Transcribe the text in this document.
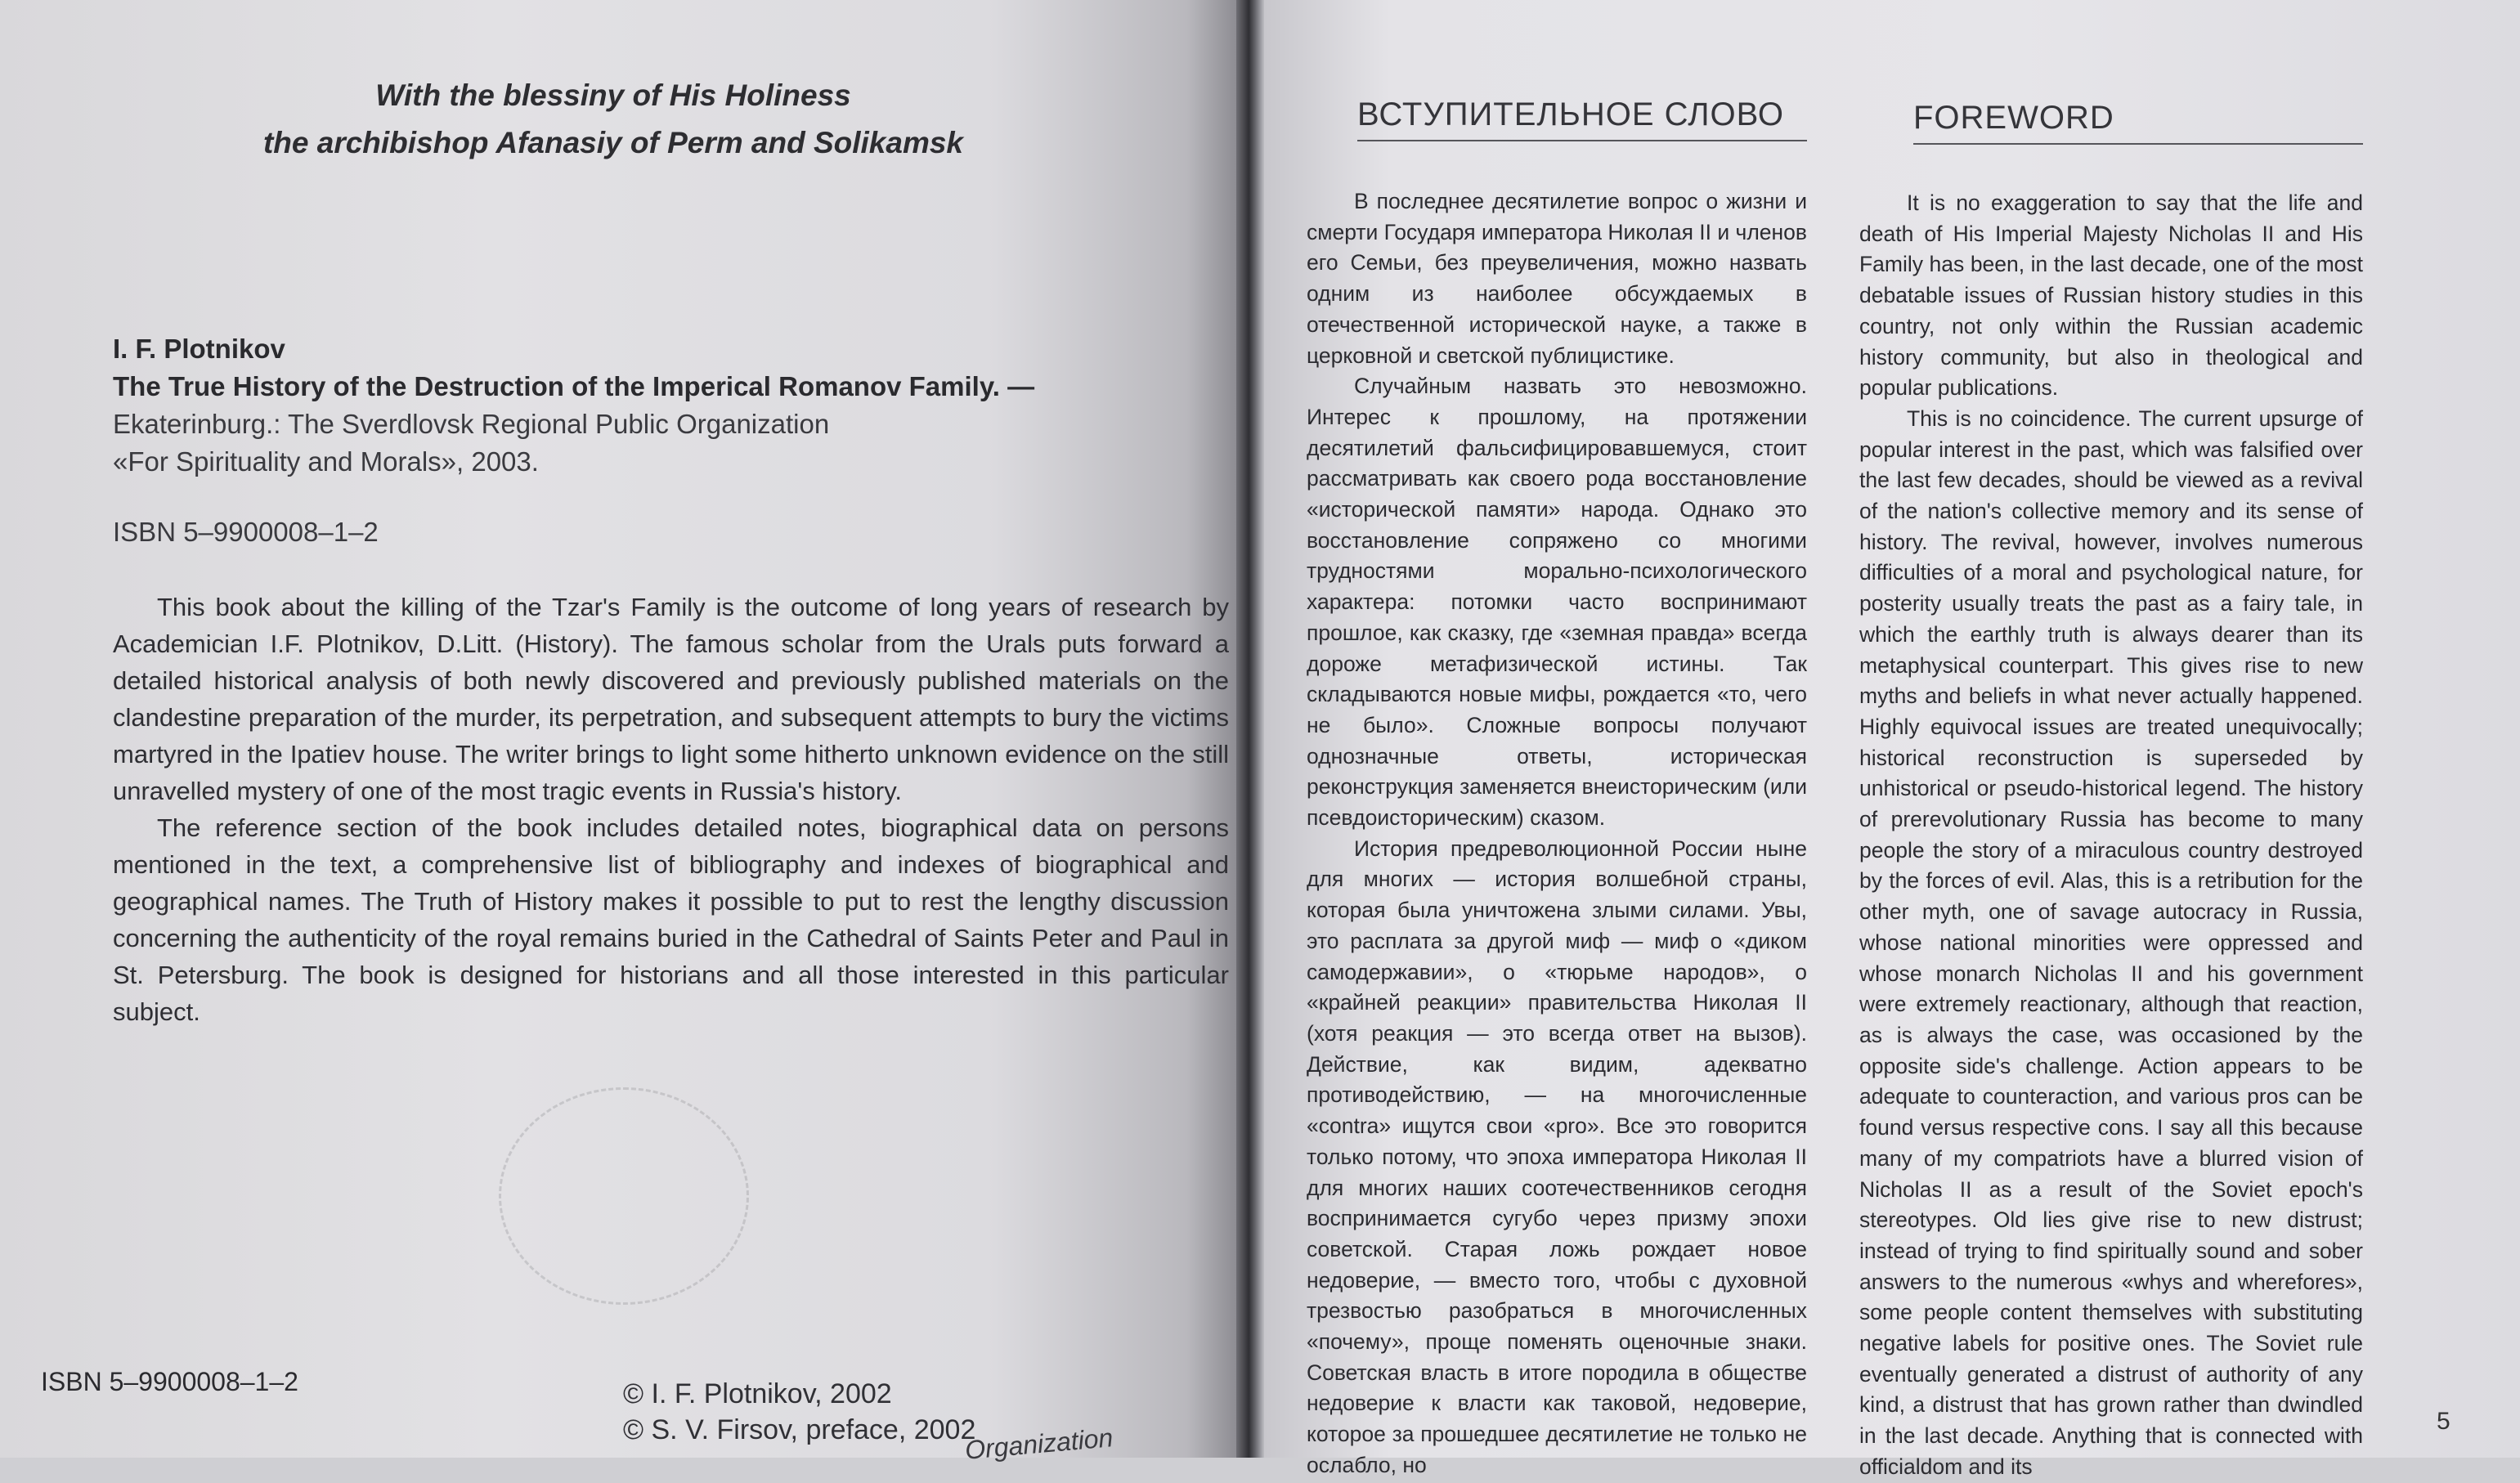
With the blessiny of His Holiness
the archibishop Afanasiy of Perm and Solikamsk
I. F. Plotnikov
The True History of the Destruction of the Imperical Romanov Family. —
Ekaterinburg.: The Sverdlovsk Regional Public Organization
«For Spirituality and Morals», 2003.
ISBN 5–9900008–1–2

This book about the killing of the Tzar's Family is the outcome of long years of research by Academician I.F. Plotnikov, D.Litt. (History). The famous scholar from the Urals puts forward a detailed historical analysis of both newly discovered and previously published materials on the clandestine preparation of the murder, its perpetration, and subsequent attempts to bury the victims martyred in the Ipatiev house. The writer brings to light some hitherto unknown evidence on the still unravelled mystery of one of the most tragic events in Russia's history.

The reference section of the book includes detailed notes, biographical data on persons mentioned in the text, a comprehensive list of bibliography and indexes of biographical and geographical names. The Truth of History makes it possible to put to rest the lengthy discussion concerning the authenticity of the royal remains buried in the Cathedral of Saints Peter and Paul in St. Petersburg. The book is designed for historians and all those interested in this particular subject.

ISBN 5–9900008–1–2	© I. F. Plotnikov, 2002
© S. V. Firsov, preface, 2002
Organization
ВСТУПИТЕЛЬНОЕ СЛОВО

В последнее десятилетие вопрос о жизни и смерти Государя императора Николая II и членов его Семьи, без преувеличения, можно назвать одним из наиболее обсуждаемых в отечественной исторической науке, а также в церковной и светской публицистике.

Случайным назвать это невозможно. Интерес к прошлому, на протяжении десятилетий фальсифицировавшемуся, стоит рассматривать как своего рода восстановление «исторической памяти» народа. Однако это восстановление сопряжено со многими трудностями морально-психологического характера: потомки часто воспринимают прошлое, как сказку, где «земная правда» всегда дороже метафизической истины. Так складываются новые мифы, рождается «то, чего не было». Сложные вопросы получают однозначные ответы, историческая реконструкция заменяется внеисторическим (или псевдоисторическим) сказом.

История предреволюционной России ныне для многих — история волшебной страны, которая была уничтожена злыми силами. Увы, это расплата за другой миф — миф о «диком самодержавии», о «тюрьме народов», о «крайней реакции» правительства Николая II (хотя реакция — это всегда ответ на вызов). Действие, как видим, адекватно противодействию, — на многочисленные «contra» ищутся свои «pro». Все это говорится только потому, что эпоха императора Николая II для многих наших соотечественников сегодня воспринимается сугубо через призму эпохи советской. Старая ложь рождает новое недоверие, — вместо того, чтобы с духовной трезвостью разобраться в многочисленных «почему», проще поменять оценочные знаки. Советская власть в итоге породила в обществе недоверие к власти как таковой, недоверие, которое за прошедшее десятилетие не только не ослабло, но

FOREWORD

It is no exaggeration to say that the life and death of His Imperial Majesty Nicholas II and His Family has been, in the last decade, one of the most debatable issues of Russian history studies in this country, not only within the Russian academic history community, but also in theological and popular publications.

This is no coincidence. The current upsurge of popular interest in the past, which was falsified over the last few decades, should be viewed as a revival of the nation's collective memory and its sense of history. The revival, however, involves numerous difficulties of a moral and psychological nature, for posterity usually treats the past as a fairy tale, in which the earthly truth is always dearer than its metaphysical counterpart. This gives rise to new myths and beliefs in what never actually happened. Highly equivocal issues are treated unequivocally; historical reconstruction is superseded by unhistorical or pseudo-historical legend. The history of prerevolutionary Russia has become to many people the story of a miraculous country destroyed by the forces of evil. Alas, this is a retribution for the other myth, one of savage autocracy in Russia, whose national minorities were oppressed and whose monarch Nicholas II and his government were extremely reactionary, although that reaction, as is always the case, was occasioned by the opposite side's challenge. Action appears to be adequate to counteraction, and various pros can be found versus respective cons. I say all this because many of my compatriots have a blurred vision of Nicholas II as a result of the Soviet epoch's stereotypes. Old lies give rise to new distrust; instead of trying to find spiritually sound and sober answers to the numerous «whys and wherefores», some people content themselves with substituting negative labels for positive ones. The Soviet rule eventually generated a distrust of authority of any kind, a distrust that has grown rather than dwindled in the last decade. Anything that is connected with officialdom and its

5
